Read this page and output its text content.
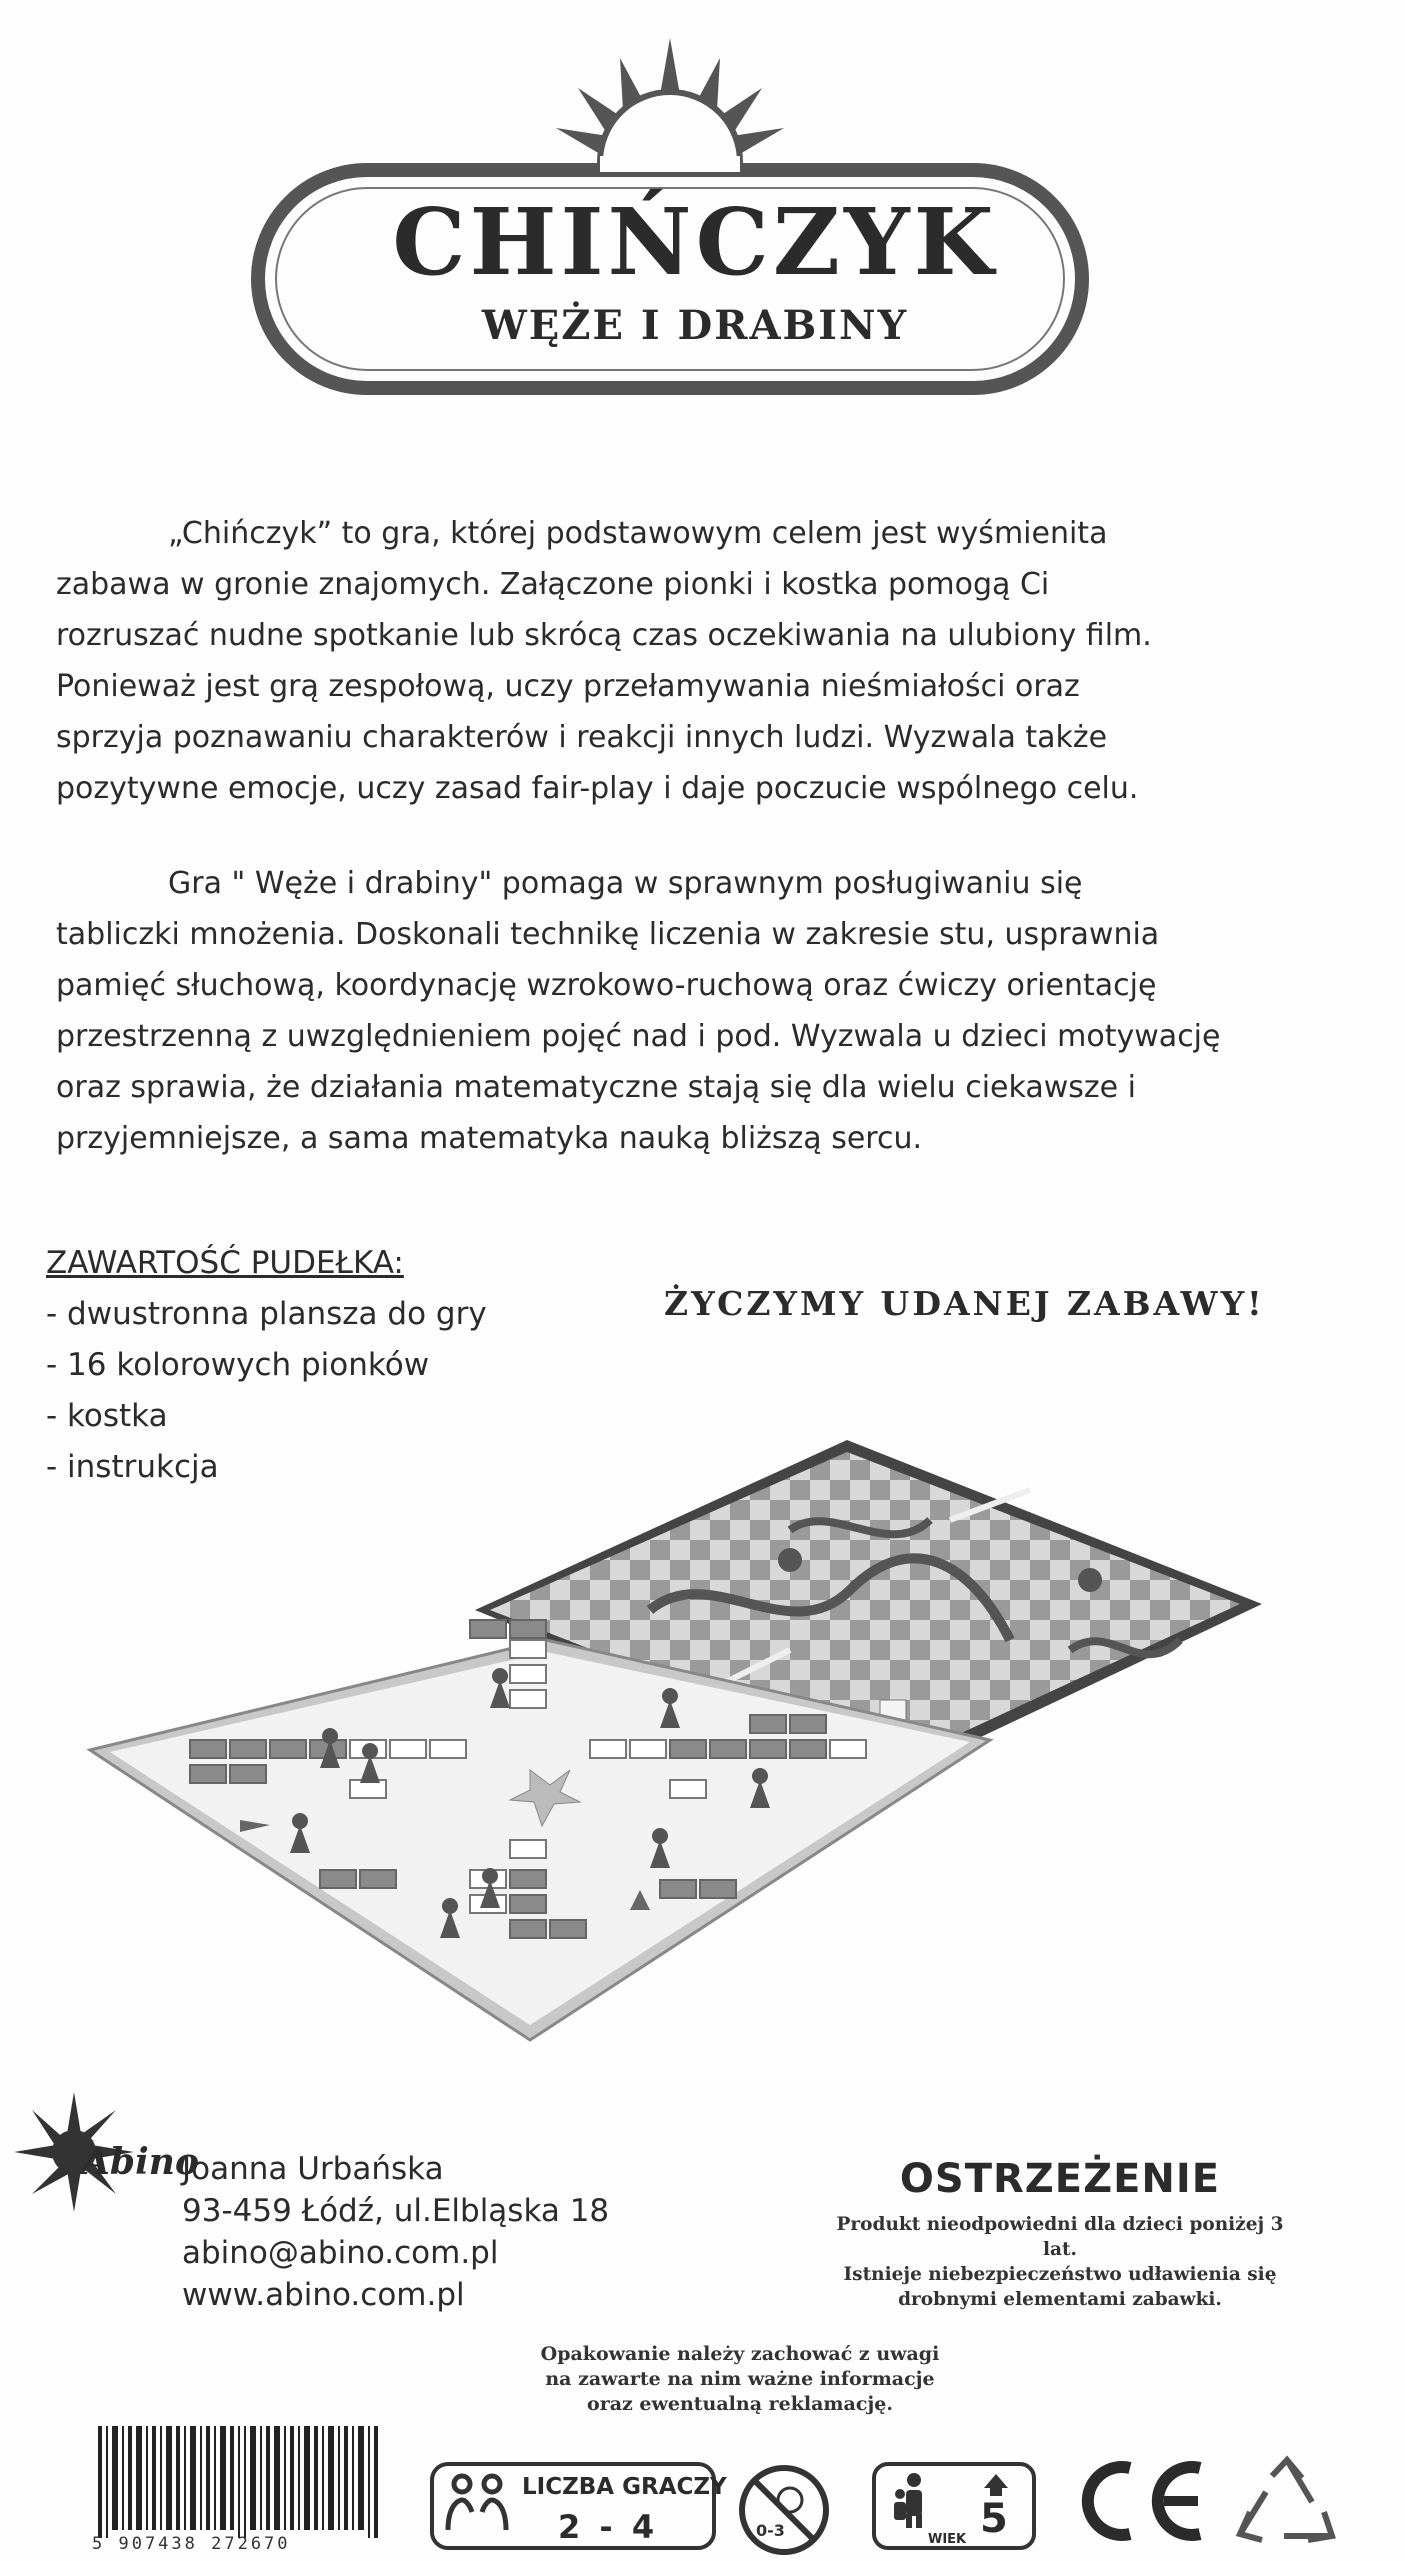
CHIŃCZYK
WĘŻE I DRABINY
„Chińczyk” to gra, której podstawowym celem jest wyśmienita
zabawa w gronie znajomych. Załączone pionki i kostka pomogą Ci
rozruszać nudne spotkanie lub skrócą czas oczekiwania na ulubiony film.
Ponieważ jest grą zespołową, uczy przełamywania nieśmiałości oraz
sprzyja poznawaniu charakterów i reakcji innych ludzi. Wyzwala także
pozytywne emocje, uczy zasad fair-play i daje poczucie wspólnego celu.
Gra " Węże i drabiny" pomaga w sprawnym posługiwaniu się
tabliczki mnożenia. Doskonali technikę liczenia w zakresie stu, usprawnia
pamięć słuchową, koordynację wzrokowo-ruchową oraz ćwiczy orientację
przestrzenną z uwzględnieniem pojęć nad i pod. Wyzwala u dzieci motywację
oraz sprawia, że działania matematyczne stają się dla wielu ciekawsze i
przyjemniejsze, a sama matematyka nauką bliższą sercu.
ZAWARTOŚĆ PUDEŁKA:
- dwustronna plansza do gry
- 16 kolorowych pionków
- kostka
- instrukcja
ŻYCZYMY UDANEJ ZABAWY!
Abino
Joanna Urbańska
93-459 Łódź, ul.Elbląska 18
abino@abino.com.pl
www.abino.com.pl
OSTRZEŻENIE
Produkt nieodpowiedni dla dzieci poniżej 3 lat.
Istnieje niebezpieczeństwo udławienia się
drobnymi elementami zabawki.
Opakowanie należy zachować z uwagi
na zawarte na nim ważne informacje
oraz ewentualną reklamację.
5 907438 272670
LICZBA GRACZY
2 - 4	0-3	5
WIEK
